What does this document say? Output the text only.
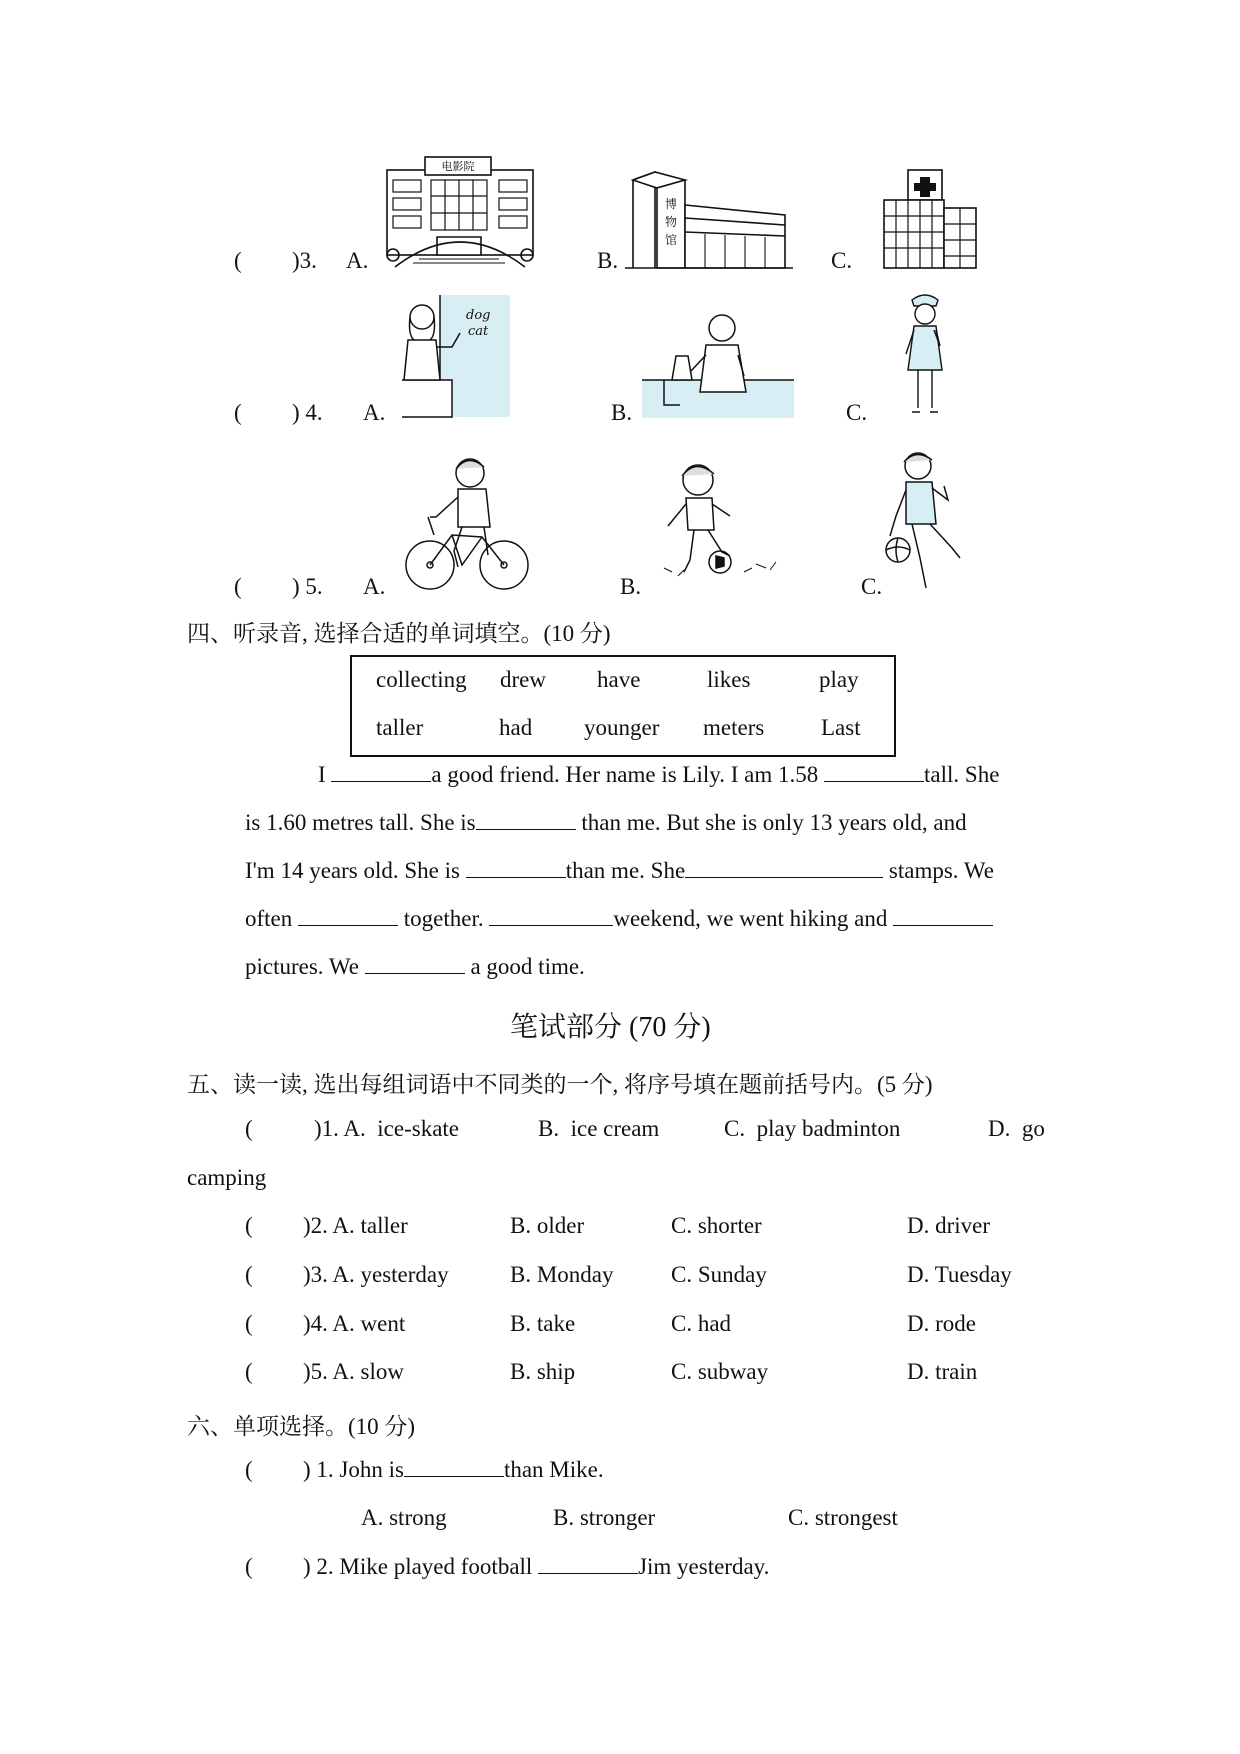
( )3. A.	B.	C.
电影院
博
物
馆
( ) 4. A.	B.	C.
dog
cat
( ) 5. A.	B.	C.
四、听录音, 选择合适的单词填空。(10 分)
collecting drew have	likes	play
taller	had younger meters Last
I	a good friend. Her name is Lily. I am 1.58	tall. She
is 1.60 metres tall. She is	than me. But she is only 13 years old, and
I'm 14 years old. She is	than me. She	stamps. We
often	together.	weekend, we went hiking and
pictures. We	a good time.
笔试部分 (70 分)
五、读一读, 选出每组词语中不同类的一个, 将序号填在题前括号内。(5 分)
(	)1. A. ice-skate	B. ice cream	C. play badminton	D. go
camping
( )2. A. taller	B. older	C. shorter	D. driver
( )3. A. yesterday	B. Monday	C. Sunday	D. Tuesday
( )4. A. went	B. take	C. had	D. rode
( )5. A. slow	B. ship	C. subway	D. train
六、单项选择。(10 分)
( ) 1. John is	than Mike.
A. strong	B. stronger	C. strongest
( ) 2. Mike played football	Jim yesterday.
